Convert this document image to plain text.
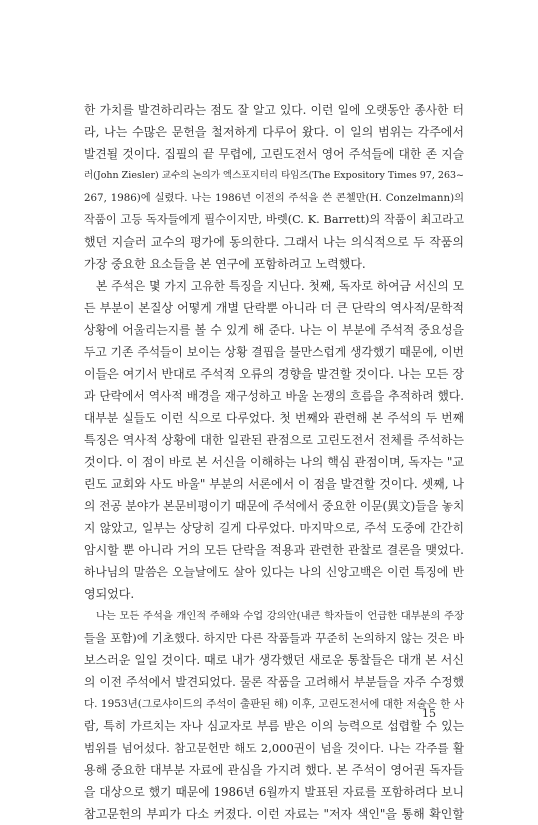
한 가치를 발견하리라는 점도 잘 알고 있다. 이런 일에 오랫동안 종사한 터
라, 나는 수많은 문헌을 철저하게 다루어 왔다. 이 일의 범위는 각주에서
발견될 것이다. 집필의 끝 무렵에, 고린도전서 영어 주석들에 대한 존 지슬
러(John Ziesler) 교수의 논의가 엑스포지터리 타임즈(The Expository Times 97, 263~
267, 1986)에 실렸다. 나는 1986년 이전의 주석을 쓴 콘첼만(H. Conzelmann)의
작품이 고등 독자들에게 필수이지만, 바렛(C. K. Barrett)의 작품이 최고라고
했던 지슬러 교수의 평가에 동의한다. 그래서 나는 의식적으로 두 작품의
가장 중요한 요소들을 본 연구에 포함하려고 노력했다.
본 주석은 몇 가지 고유한 특징을 지닌다. 첫째, 독자로 하여금 서신의 모
든 부분이 본질상 어떻게 개별 단락뿐 아니라 더 큰 단락의 역사적/문학적
상황에 어울리는지를 볼 수 있게 해 준다. 나는 이 부분에 주석적 중요성을
두고 기존 주석들이 보이는 상황 결핍을 불만스럽게 생각했기 때문에, 이번
이들은 여기서 반대로 주석적 오류의 경향을 발견할 것이다. 나는 모든 장
과 단락에서 역사적 배경을 재구성하고 바울 논쟁의 흐름을 추적하려 했다.
대부분 실들도 이런 식으로 다루었다. 첫 번째와 관련해 본 주석의 두 번째
특징은 역사적 상황에 대한 일관된 관점으로 고린도전서 전체를 주석하는
것이다. 이 점이 바로 본 서신을 이해하는 나의 핵심 관점이며, 독자는 "교
린도 교회와 사도 바울" 부분의 서론에서 이 점을 발견할 것이다. 셋째, 나
의 전공 분야가 본문비평이기 때문에 주석에서 중요한 이문(異文)들을 놓치
지 않았고, 일부는 상당히 길게 다루었다. 마지막으로, 주석 도중에 간간히
암시할 뿐 아니라 거의 모든 단락을 적용과 관련한 관찰로 결론을 맺었다.
하나님의 말씀은 오늘날에도 살아 있다는 나의 신앙고백은 이런 특징에 반
영되었다.
나는 모든 주석을 개인적 주해와 수업 강의안(내큰 학자들이 언급한 대부분의 주장
들을 포함)에 기초했다. 하지만 다른 작품들과 꾸준히 논의하지 않는 것은 바
보스러운 일일 것이다. 때로 내가 생각했던 새로운 통찰들은 대개 본 서신
의 이전 주석에서 발견되었다. 물론 작품을 고려해서 부분들을 자주 수정했
다. 1953년(그로샤이드의 주석이 출판된 해) 이후, 고린도전서에 대한 저술은 한 사
람, 특히 가르치는 자나 심교자로 부름 받은 이의 능력으로 섭렵할 수 있는
범위를 넘어섰다. 참고문헌만 해도 2,000권이 넘을 것이다. 나는 각주를 활
용해 중요한 대부분 자료에 관심을 가지려 했다. 본 주석이 영어권 독자들
을 대상으로 했기 때문에 1986년 6월까지 발표된 자료를 포함하려다 보니
참고문헌의 부피가 다소 커졌다. 이런 자료는 "저자 색인"을 통해 확인할
15
